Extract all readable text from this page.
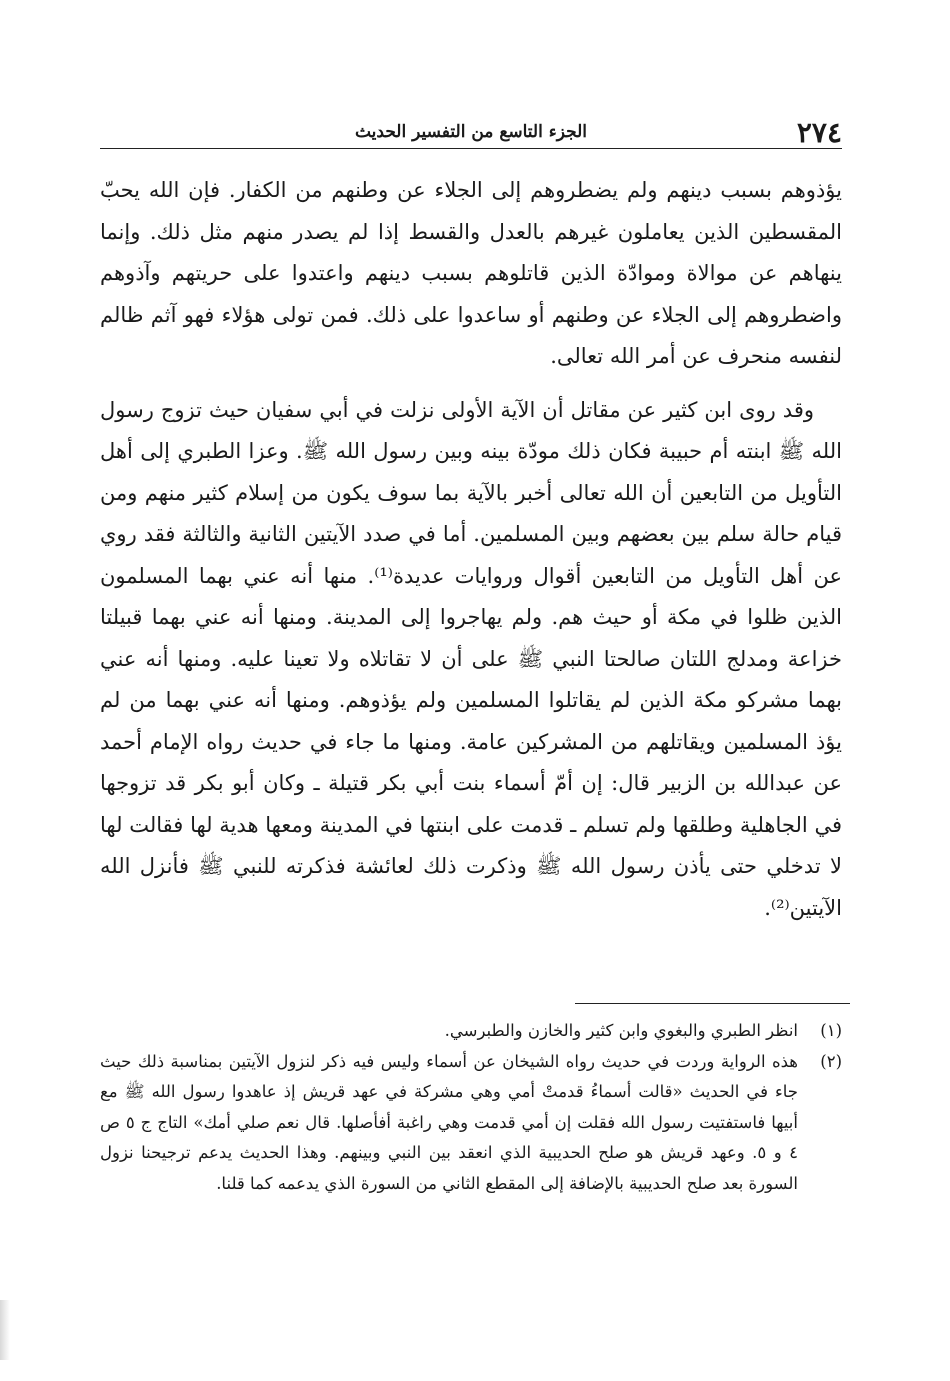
٢٧٤
الجزء التاسع من التفسير الحديث

يؤذوهم بسبب دينهم ولم يضطروهم إلى الجلاء عن وطنهم من الكفار. فإن الله يحبّ المقسطين الذين يعاملون غيرهم بالعدل والقسط إذا لم يصدر منهم مثل ذلك. وإنما ينهاهم عن موالاة وموادّة الذين قاتلوهم بسبب دينهم واعتدوا على حريتهم وآذوهم واضطروهم إلى الجلاء عن وطنهم أو ساعدوا على ذلك. فمن تولى هؤلاء فهو آثم ظالم لنفسه منحرف عن أمر الله تعالى.

وقد روى ابن كثير عن مقاتل أن الآية الأولى نزلت في أبي سفيان حيث تزوج رسول الله ﷺ ابنته أم حبيبة فكان ذلك مودّة بينه وبين رسول الله ﷺ. وعزا الطبري إلى أهل التأويل من التابعين أن الله تعالى أخبر بالآية بما سوف يكون من إسلام كثير منهم ومن قيام حالة سلم بين بعضهم وبين المسلمين. أما في صدد الآيتين الثانية والثالثة فقد روي عن أهل التأويل من التابعين أقوال وروايات عديدة⁽¹⁾. منها أنه عني بهما المسلمون الذين ظلوا في مكة أو حيث هم. ولم يهاجروا إلى المدينة. ومنها أنه عني بهما قبيلتا خزاعة ومدلج اللتان صالحتا النبي ﷺ على أن لا تقاتلاه ولا تعينا عليه. ومنها أنه عني بهما مشركو مكة الذين لم يقاتلوا المسلمين ولم يؤذوهم. ومنها أنه عني بهما من لم يؤذ المسلمين ويقاتلهم من المشركين عامة. ومنها ما جاء في حديث رواه الإمام أحمد عن عبدالله بن الزبير قال: إن أمّ أسماء بنت أبي بكر قتيلة ـ وكان أبو بكر قد تزوجها في الجاهلية وطلقها ولم تسلم ـ قدمت على ابنتها في المدينة ومعها هدية لها فقالت لها لا تدخلي حتى يأذن رسول الله ﷺ وذكرت ذلك لعائشة فذكرته للنبي ﷺ فأنزل الله الآيتين⁽²⁾.

(١)
انظر الطبري والبغوي وابن كثير والخازن والطبرسي.
(٢)
هذه الرواية وردت في حديث رواه الشيخان عن أسماء وليس فيه ذكر لنزول الآيتين بمناسبة ذلك حيث جاء في الحديث «قالت أسماءُ قدمتْ أمي وهي مشركة في عهد قريش إذ عاهدوا رسول الله ﷺ مع أبيها فاستفتيت رسول الله فقلت إن أمي قدمت وهي راغبة أفأصلها. قال نعم صلي أمك» التاج ج ٥ ص ٤ و ٥. وعهد قريش هو صلح الحديبية الذي انعقد بين النبي وبينهم. وهذا الحديث يدعم ترجيحنا نزول السورة بعد صلح الحديبية بالإضافة إلى المقطع الثاني من السورة الذي يدعمه كما قلنا.
